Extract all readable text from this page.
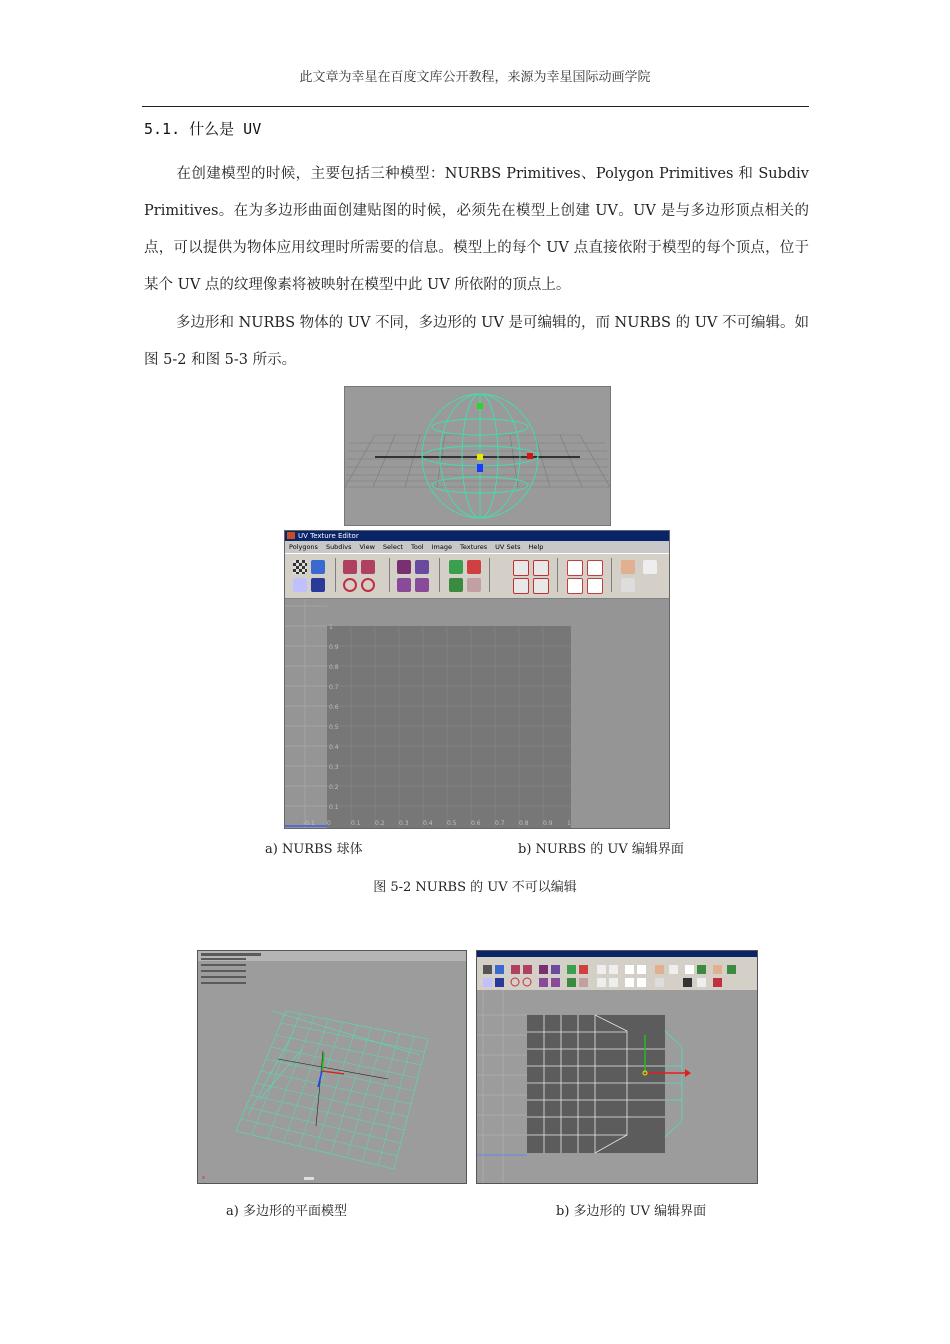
此文章为幸星在百度文库公开教程，来源为幸星国际动画学院
5.1. 什么是 UV
在创建模型的时候，主要包括三种模型：NURBS Primitives、Polygon Primitives 和 Subdiv Primitives。在为多边形曲面创建贴图的时候，必须先在模型上创建 UV。UV 是与多边形顶点相关的点，可以提供为物体应用纹理时所需要的信息。模型上的每个 UV 点直接依附于模型的每个顶点，位于某个 UV 点的纹理像素将被映射在模型中此 UV 所依附的顶点上。
多边形和 NURBS 物体的 UV 不同，多边形的 UV 是可编辑的，而 NURBS 的 UV 不可编辑。如图 5-2 和图 5-3 所示。
UV Texture Editor
Polygons Subdivs View Select Tool Image Textures UV Sets Help
1
0.9
0.8
0.7
0.6
0.5
0.4
0.3
0.2
0.1
-0.1 0	0.1 0.2 0.3 0.4 0.5 0.6 0.7 0.8 0.9 1
a) NURBS 球体	b) NURBS 的 UV 编辑界面
图 5-2 NURBS 的 UV 不可以编辑
x
a) 多边形的平面模型	b) 多边形的 UV 编辑界面
